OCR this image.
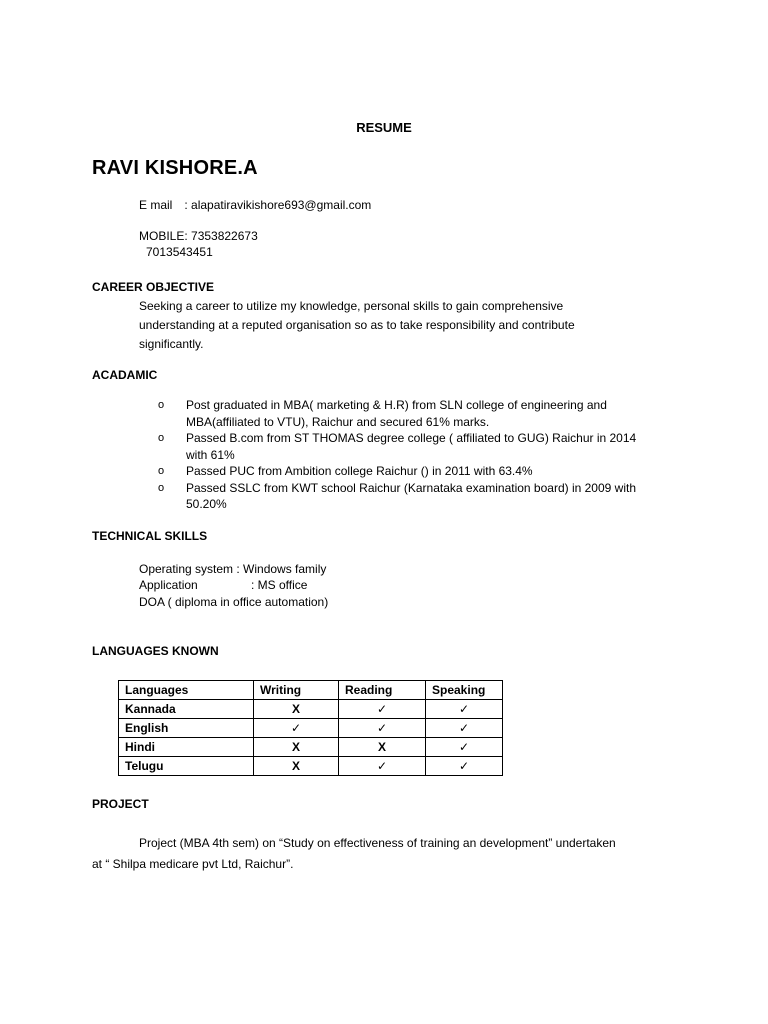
RESUME
RAVI KISHORE.A
E mail : alapatiravikishore693@gmail.com
MOBILE: 7353822673
7013543451
CAREER OBJECTIVE
Seeking a career to utilize my knowledge, personal skills to gain comprehensive
understanding at a reputed organisation so as to take responsibility and contribute
significantly.
ACADAMIC
o Post graduated in MBA( marketing & H.R) from SLN college of engineering and
MBA(affiliated to VTU), Raichur and secured 61% marks.
o Passed B.com from ST THOMAS degree college ( affiliated to GUG) Raichur in 2014
with 61%
o Passed PUC from Ambition college Raichur () in 2011 with 63.4%
o Passed SSLC from KWT school Raichur (Karnataka examination board) in 2009 with
50.20%
TECHNICAL SKILLS
Operating system : Windows family
Application	: MS office
DOA ( diploma in office automation)
LANGUAGES KNOWN
Languages	Writing	Reading	Speaking
Kannada	X	✓	✓
English	✓	✓	✓
Hindi	X	X	✓
Telugu	X	✓	✓
PROJECT
Project (MBA 4th sem) on “Study on effectiveness of training an development” undertaken
at “ Shilpa medicare pvt Ltd, Raichur”.
